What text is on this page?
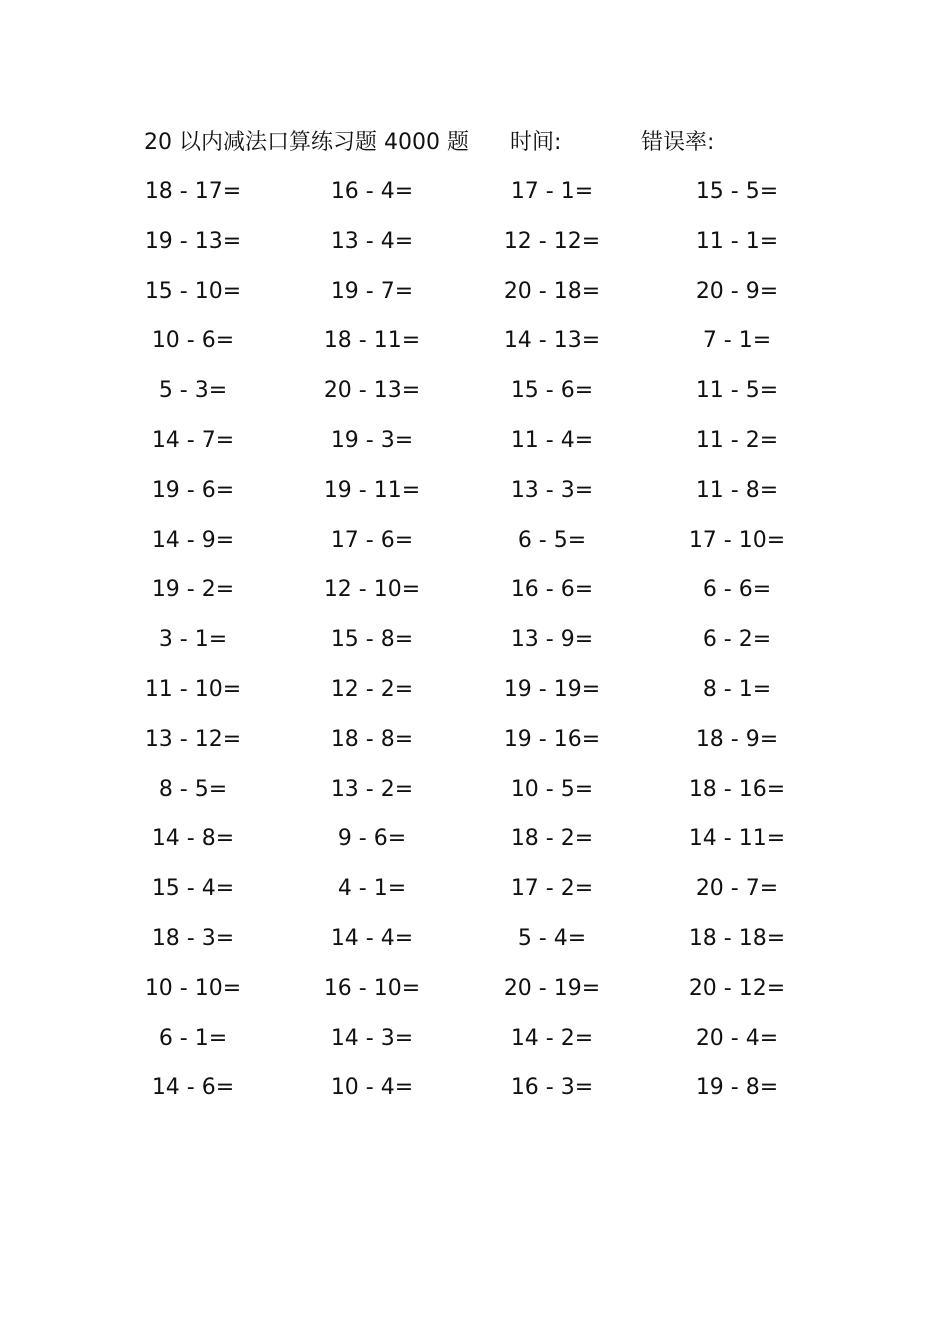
20 以内减法口算练习题 4000 题 时间:	错误率:
18 - 17=	16 - 4=	17 - 1=	15 - 5=
19 - 13=	13 - 4=	12 - 12=	11 - 1=
15 - 10=	19 - 7=	20 - 18=	20 - 9=
10 - 6=	18 - 11=	14 - 13=	7 - 1=
5 - 3=	20 - 13=	15 - 6=	11 - 5=
14 - 7=	19 - 3=	11 - 4=	11 - 2=
19 - 6=	19 - 11=	13 - 3=	11 - 8=
14 - 9=	17 - 6=	6 - 5=	17 - 10=
19 - 2=	12 - 10=	16 - 6=	6 - 6=
3 - 1=	15 - 8=	13 - 9=	6 - 2=
11 - 10=	12 - 2=	19 - 19=	8 - 1=
13 - 12=	18 - 8=	19 - 16=	18 - 9=
8 - 5=	13 - 2=	10 - 5=	18 - 16=
14 - 8=	9 - 6=	18 - 2=	14 - 11=
15 - 4=	4 - 1=	17 - 2=	20 - 7=
18 - 3=	14 - 4=	5 - 4=	18 - 18=
10 - 10=	16 - 10=	20 - 19=	20 - 12=
6 - 1=	14 - 3=	14 - 2=	20 - 4=
14 - 6=	10 - 4=	16 - 3=	19 - 8=
